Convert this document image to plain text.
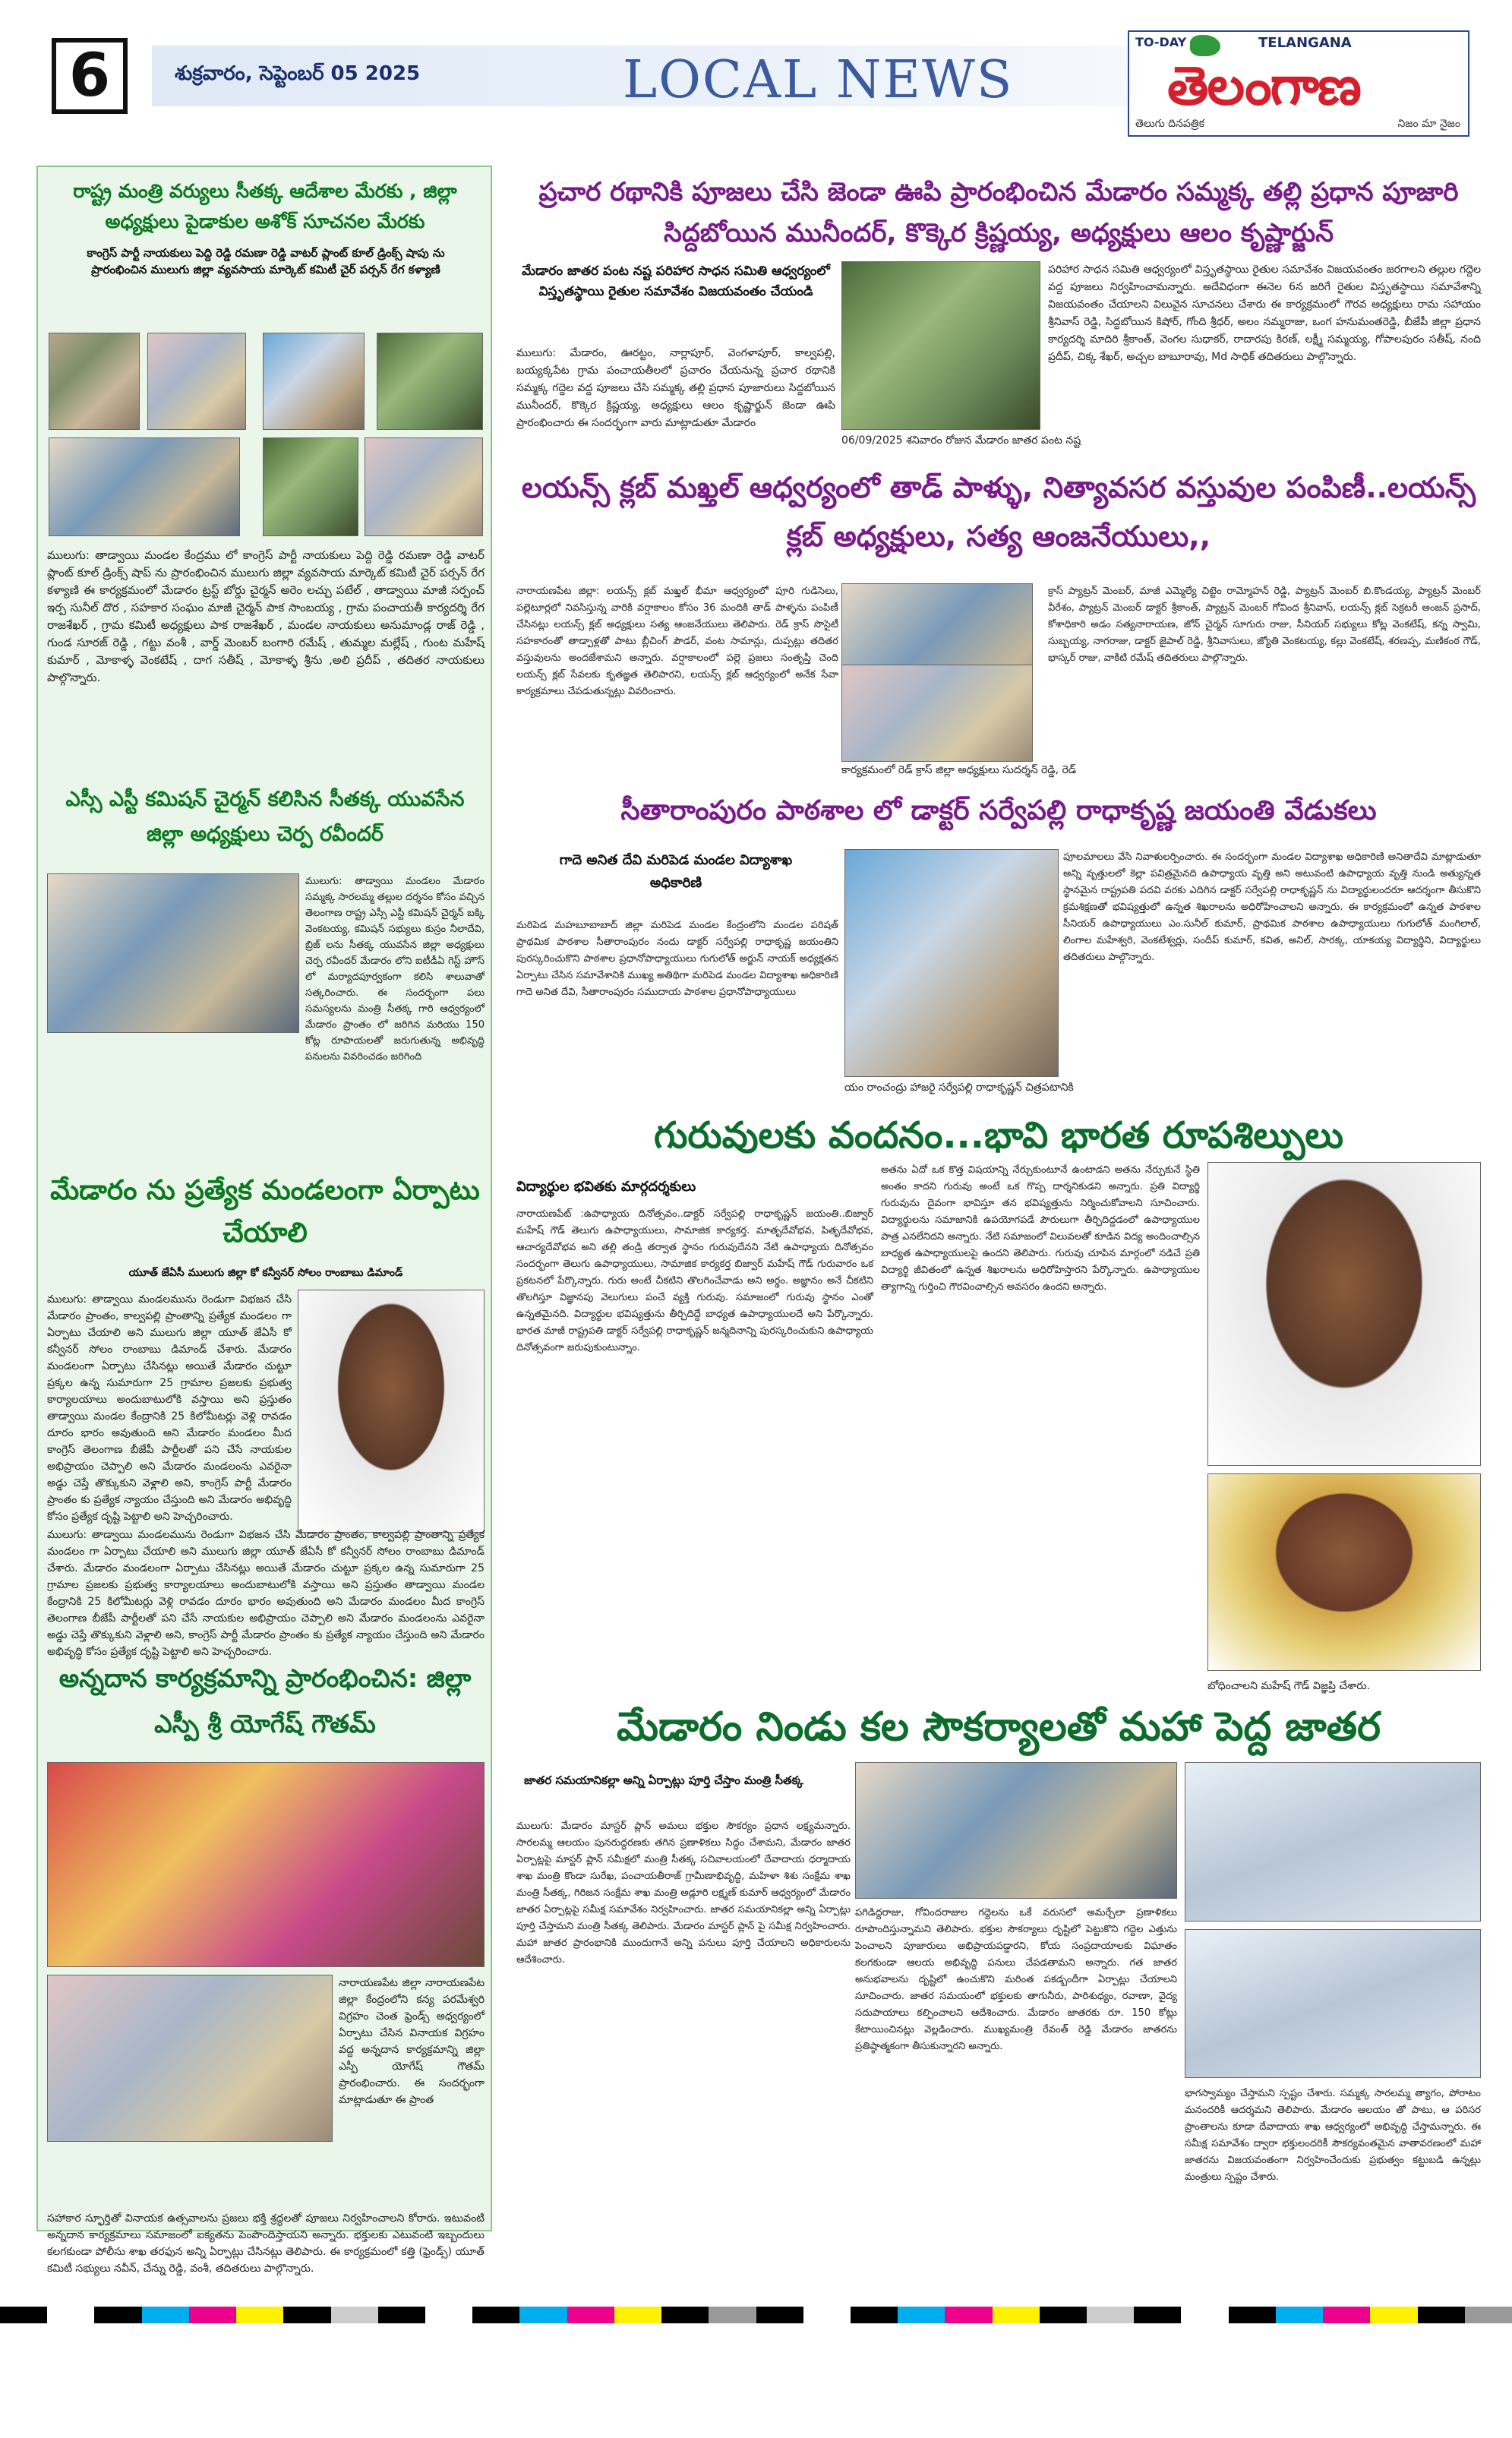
6	శుక్రవారం, సెప్టెంబర్ 05 2025	LOCAL NEWS
TO-DAY	TELANGANA
తెలంగాణ
తెలుగు దినపత్రిక	నిజం మా నైజం
రాష్ట్ర మంత్రి వర్యులు సీతక్క ఆదేశాల మేరకు , జిల్లా అధ్యక్షులు పైడాకుల అశోక్ సూచనల మేరకు
కాంగ్రెస్ పార్టీ నాయకులు పెద్ది రెడ్డి రమణా రెడ్డి వాటర్ ప్లాంట్ కూల్ డ్రింక్స్ షాపు ను ప్రారంభించిన ములుగు జిల్లా వ్యవసాయ మార్కెట్ కమిటీ చైర్ పర్సన్ రేగ కళ్యాణి
ములుగు: తాడ్వాయి మండల కేంద్రము లో కాంగ్రెస్ పార్టీ నాయకులు పెద్ది రెడ్డి రమణా రెడ్డి వాటర్ ప్లాంట్ కూల్ డ్రింక్స్ షాప్ ను ప్రారంభించిన ములుగు జిల్లా వ్యవసాయ మార్కెట్ కమిటీ చైర్ పర్సన్ రేగ కళ్యాణి ఈ కార్యక్రమంలో మేడారం ట్రస్ట్ బోర్డు చైర్మన్ అరెం లచ్చు పటేల్ , తాడ్వాయి మాజీ సర్పంచ్ ఇర్ప సునీల్ దొర , సహకార సంఘం మాజీ చైర్మన్ పాక సాంబయ్య , గ్రామ పంచాయతీ కార్యదర్శి రేగ రాజశేఖర్ , గ్రామ కమిటీ అధ్యక్షులు పాక రాజశేఖర్ , మండల నాయకులు అనుమాండ్ల రాజ్ రెడ్డి , గుండ సూరజ్ రెడ్డి , గట్టు వంశీ , వార్డ్ మెంబర్ బంగారి రమేష్ , తుమ్మల మల్లేష్ , గుంట మహేష్ కుమార్ , మోకాళ్ళ వెంకటేష్ , దాగ సతీష్ , మోకాళ్ళ శ్రీను ,అలి ప్రదీప్ , తదితర నాయకులు పాల్గొన్నారు.
ఎస్సీ ఎస్టీ కమిషన్ చైర్మన్ కలిసిన సీతక్క యువసేన జిల్లా అధ్యక్షులు చెర్ప రవీందర్
ములుగు: తాడ్వాయి మండలం మేడారం సమ్మక్క సారలమ్మ తల్లుల దర్శనం కోసం వచ్చిన తెలంగాణ రాష్ట్ర ఎస్సీ ఎస్టీ కమిషన్ చైర్మన్ బక్కి వెంకటయ్య, కమిషన్ సభ్యులు కుస్రం నీలాదేవి, బ్రిజ్ లను సీతక్క యువసేన జిల్లా అధ్యక్షులు చెర్ప రవీందర్ మేడారం లోని ఐటీడీఏ గెస్ట్ హౌస్ లో మర్యాదపూర్వకంగా కలిసి శాలువాతో సత్కరించారు. ఈ సందర్భంగా పలు సమస్యలను మంత్రి సీతక్క గారి ఆధ్వర్యంలో మేడారం ప్రాంతం లో జరిగిన మరియు 150 కోట్ల రూపాయలతో జరుగుతున్న అభివృద్ధి పనులను వివరించడం జరిగింది
మేడారం ను ప్రత్యేక మండలంగా ఏర్పాటు చేయాలి
యూత్ జేఏసీ ములుగు జిల్లా కో కన్వీనర్ సోలం రాంబాబు డిమాండ్
ములుగు: తాడ్వాయి మండలమును రెండుగా విభజన చేసి మేడారం ప్రాంతం, కాల్వపల్లి ప్రాంతాన్ని ప్రత్యేక మండలం గా ఏర్పాటు చేయాలి అని ములుగు జిల్లా యూత్ జేఏసీ కో కన్వీనర్ సోలం రాంబాబు డిమాండ్ చేశారు. మేడారం మండలంగా ఏర్పాటు చేసినట్లు అయితే మేడారం చుట్టూ ప్రక్కల ఉన్న సుమారుగా 25 గ్రామాల ప్రజలకు ప్రభుత్వ కార్యాలయాలు అందుబాటులోకి వస్తాయి అని ప్రస్తుతం తాడ్వాయి మండల కేంద్రానికి 25 కిలోమీటర్లు వెళ్లి రావడం దూరం భారం అవుతుంది అని మేడారం మండలం మీద కాంగ్రెస్ తెలంగాణ బీజేపీ పార్టీలతో పని చేసే నాయకుల అభిప్రాయం చెప్పాలి అని మేడారం మండలంను ఎవరైనా అడ్డు చెప్తే తొక్కుకుని వెళ్లాలి అని, కాంగ్రెస్ పార్టీ మేడారం ప్రాంతం కు ప్రత్యేక న్యాయం చేస్తుంది అని మేడారం అభివృద్ధి కోసం ప్రత్యేక దృష్టి పెట్టాలి అని హెచ్చరించారు.
ములుగు: తాడ్వాయి మండలమును రెండుగా విభజన చేసి మేడారం ప్రాంతం, కాల్వపల్లి ప్రాంతాన్ని ప్రత్యేక మండలం గా ఏర్పాటు చేయాలి అని ములుగు జిల్లా యూత్ జేఏసీ కో కన్వీనర్ సోలం రాంబాబు డిమాండ్ చేశారు. మేడారం మండలంగా ఏర్పాటు చేసినట్లు అయితే మేడారం చుట్టూ ప్రక్కల ఉన్న సుమారుగా 25 గ్రామాల ప్రజలకు ప్రభుత్వ కార్యాలయాలు అందుబాటులోకి వస్తాయి అని ప్రస్తుతం తాడ్వాయి మండల కేంద్రానికి 25 కిలోమీటర్లు వెళ్లి రావడం దూరం భారం అవుతుంది అని మేడారం మండలం మీద కాంగ్రెస్ తెలంగాణ బీజేపీ పార్టీలతో పని చేసే నాయకుల అభిప్రాయం చెప్పాలి అని మేడారం మండలంను ఎవరైనా అడ్డు చెప్తే తొక్కుకుని వెళ్లాలి అని, కాంగ్రెస్ పార్టీ మేడారం ప్రాంతం కు ప్రత్యేక న్యాయం చేస్తుంది అని మేడారం అభివృద్ధి కోసం ప్రత్యేక దృష్టి పెట్టాలి అని హెచ్చరించారు.
అన్నదాన కార్యక్రమాన్ని ప్రారంభించిన: జిల్లా ఎస్పీ శ్రీ యోగేష్ గౌతమ్
నారాయణపేట జిల్లా నారాయణపేట జిల్లా కేంద్రంలోని కన్య పరమేశ్వరి విగ్రహం చెంత ఫ్రెండ్స్ అధ్వర్యంలో ఏర్పాటు చేసిన వినాయక విగ్రహం వద్ద అన్నదాన కార్యక్రమాన్ని జిల్లా ఎస్పీ యోగేష్ గౌతమ్ ప్రారంభించారు. ఈ సందర్భంగా మాట్లాడుతూ ఈ ప్రాంత
సహాకార స్ఫూర్తితో వినాయక ఉత్సవాలను ప్రజలు భక్తి శ్రద్ధలతో పూజలు నిర్వహించాలని కోరారు. ఇటువంటి అన్నదాన కార్యక్రమాలు సమాజంలో ఐక్యతను పెంపొందిస్తాయని అన్నారు. భక్తులకు ఎటువంటి ఇబ్బందులు కలగకుండా పోలీసు శాఖ తరఫున అన్ని ఏర్పాట్లు చేసినట్లు తెలిపారు. ఈ కార్యక్రమంలో కత్తి (ఫ్రెండ్స్) యూత్ కమిటీ సభ్యులు నవీన్, చేన్ను రెడ్డి, వంశీ, తదితరులు పాల్గొన్నారు.
ప్రచార రథానికి పూజలు చేసి జెండా ఊపి ప్రారంభించిన మేడారం సమ్మక్క తల్లి ప్రధాన పూజారి సిద్దబోయిన మునీందర్, కొక్కెర క్రిష్ణయ్య, అధ్యక్షులు ఆలం కృష్ణార్జున్
మేడారం జాతర పంట నష్ట పరిహార సాధన సమితి ఆధ్వర్యంలో విస్తృతస్థాయి రైతుల సమావేశం విజయవంతం చేయండి
ములుగు: మేడారం, ఊరట్టం, నార్లాపూర్, వెంగళాపూర్, కాల్వపల్లి, బయ్యక్కపేట గ్రామ పంచాయతీలలో ప్రచారం చేయనున్న ప్రచార రథానికి సమ్మక్క గద్దెల వద్ద పూజలు చేసి సమ్మక్క తల్లి ప్రధాన పూజారులు సిద్దబోయిన మునీందర్, కొక్కెర క్రిష్ణయ్య, అధ్యక్షులు ఆలం కృష్ణార్జున్ జెండా ఊపి ప్రారంభించారు ఈ సందర్భంగా వారు మాట్లాడుతూ మేడారం
06/09/2025 శనివారం రోజున మేడారం జాతర పంట నష్ట
పరిహార సాధన సమితి ఆధ్వర్యంలో విస్తృతస్థాయి రైతుల సమావేశం విజయవంతం జరగాలని తల్లుల గద్దెల వద్ద పూజలు నిర్వహించామన్నారు. అదేవిధంగా ఈనెల 6న జరిగే రైతుల విస్తృతస్థాయి సమావేశాన్ని విజయవంతం చేయాలని విలువైన సూచనలు చేశారు ఈ కార్యక్రమంలో గౌరవ అధ్యక్షులు రామ సహాయం శ్రీనివాస్ రెడ్డి, సిద్దబోయిన కిషోర్, గోంది శ్రీధర్, అలం నమ్మరాజు, ఒంగ హనుమంతరెడ్డి, బీజేపీ జిల్లా ప్రధాన కార్యదర్శి మాదిరి శ్రీకాంత్, వెంగల సుధాకర్, రాదారపు కిరణ్, లక్ష్మీ సమ్మయ్య, గోపాలపురం సతీష్, నంది ప్రదీప్, చిక్క శేఖర్, అచ్చల బాబూరావు, Md సాధిక్ తదితరులు పాల్గొన్నారు.
లయన్స్ క్లబ్ మఖ్తల్ ఆధ్వర్యంలో తాడ్ పాళ్ళు, నిత్యావసర వస్తువుల పంపిణీ..లయన్స్ క్లబ్ అధ్యక్షులు, సత్య ఆంజనేయులు,,
నారాయణపేట జిల్లా: లయన్స్ క్లబ్ మఖ్తల్ భీమా ఆధ్వర్యంలో పూరి గుడిసెలు, పల్లెటూర్లలో నివసిస్తున్న వారికి వర్షాకాలం కోసం 36 మందికి తాడ్ పాళ్ళను పంపిణీ చేసినట్లు లయన్స్ క్లబ్ అధ్యక్షులు సత్య ఆంజనేయులు తెలిపారు. రెడ్ క్రాస్ సొసైటీ సహకారంతో తాడ్పాళ్లతో పాటు బ్లీచింగ్ పౌడర్, వంట సామాన్లు, దుప్పట్లు తదితర వస్తువులను అందజేశామని అన్నారు. వర్షాకాలంలో పల్లె ప్రజలు సంతృప్తి చెంది లయన్స్ క్లబ్ సేవలకు కృతజ్ఞత తెలిపారని, లయన్స్ క్లబ్ ఆధ్వర్యంలో అనేక సేవా కార్యక్రమాలు చేపడుతున్నట్లు వివరించారు.
కార్యక్రమంలో రెడ్ క్రాస్ జిల్లా అధ్యక్షులు సుదర్శన్ రెడ్డి, రెడ్
క్రాస్ ప్యాట్రన్ మెంబర్, మాజీ ఎమ్మెల్యే చిట్టెం రామ్మోహన్ రెడ్డి, ప్యాట్రన్ మెంబర్ బి.కొండయ్య, ప్యాట్రన్ మెంబర్ వీరేశం, ప్యాట్రన్ మెంబర్ డాక్టర్ శ్రీకాంత్, ప్యాట్రన్ మెంబర్ గోవింద శ్రీనివాస్, లయన్స్ క్లబ్ సెక్రటరీ అంజన్ ప్రసాద్, కోశాధికారి అడం సత్యనారాయణ, జోన్ చైర్మన్ సూగురు రాజు, సీనియర్ సభ్యులు కోట్ల వెంకటేష్, కన్న స్వామి, సుబ్బయ్య, నాగరాజు, డాక్టర్ జైపాల్ రెడ్డి, శ్రీనివాసులు, జ్యోతి వెంకటయ్య, కల్లు వెంకటేష్, శరణప్ప, మణికంఠ గౌడ్, భాస్కర్ రాజు, వాకిటి రమేష్ తదితరులు పాల్గొన్నారు.
సీతారాంపురం పాఠశాల లో డాక్టర్ సర్వేపల్లి రాధాకృష్ణ జయంతి వేడుకలు
గాదె అనిత దేవి మరిపెడ మండల విద్యాశాఖ అధికారిణి
మరిపెడ మహబూబాబాద్ జిల్లా మరిపెడ మండల కేంద్రంలోని మండల పరిషత్ ప్రాథమిక పాఠశాల సీతారాంపురం నందు డాక్టర్ సర్వేపల్లి రాధాకృష్ణ జయంతిని పురస్కరించుకొని పాఠశాల ప్రధానోపాధ్యాయులు గుగులోత్ అర్జున్ నాయక్ అధ్యక్షతన ఏర్పాటు చేసిన సమావేశానికి ముఖ్య అతిథిగా మరిపెడ మండల విద్యాశాఖ అధికారిణి గాదె అనిత దేవి, సీతారాంపురం సముదాయ పాఠశాల ప్రధానోపాధ్యాయులు
యం రాంచంద్రు హాజరై సర్వేపల్లి రాధాకృష్ణన్ చిత్రపటానికి
పూలమాలలు వేసి నివాళులర్పించారు. ఈ సందర్భంగా మండల విద్యాశాఖ అధికారిణి అనితాదేవి మాట్లాడుతూ అన్ని వృత్తులలో కెల్లా పవిత్రమైనది ఉపాధ్యాయ వృత్తి అని అటువంటి ఉపాధ్యాయ వృత్తి నుండి అత్యున్నత స్థానమైన రాష్ట్రపతి పదవి వరకు ఎదిగిన డాక్టర్ సర్వేపల్లి రాధాకృష్ణన్ ను విద్యార్థులందరూ ఆదర్శంగా తీసుకొని క్రమశిక్షణతో భవిష్యత్తులో ఉన్నత శిఖరాలను అధిరోహించాలని అన్నారు. ఈ కార్యక్రమంలో ఉన్నత పాఠశాల సీనియర్ ఉపాధ్యాయులు ఎం.సునీల్ కుమార్, ప్రాథమిక పాఠశాల ఉపాధ్యాయులు గుగులోత్ మంగిలాల్, లింగాల మహేశ్వరి, వెంకటేశ్వర్లు, సందీప్ కుమార్, కవిత, అనిల్, సారక్క, యాకయ్య విద్యార్థిని, విద్యార్థులు తదితరులు పాల్గొన్నారు.
గురువులకు వందనం...భావి భారత రూపశిల్పులు
విద్యార్థుల భవితకు మార్గదర్శకులు
నారాయణపేట్ :ఉపాధ్యాయ దినోత్సవం..డాక్టర్ సర్వేపల్లి రాధాకృష్ణన్ జయంతి..బిజ్వార్ మహేష్ గౌడ్ తెలుగు ఉపాధ్యాయులు, సామాజిక కార్యకర్త. మాతృదేవోభవ, పితృదేవోభవ, ఆచార్యదేవోభవ అని తల్లి తండ్రి తర్వాత స్థానం గురువుదేనని నేటి ఉపాధ్యాయ దినోత్సవం సందర్భంగా తెలుగు ఉపాధ్యాయులు, సామాజిక కార్యకర్త బిజ్వార్ మహేష్ గౌడ్ గురువారం ఒక ప్రకటనలో పేర్కొన్నారు. గురు అంటే చీకటిని తొలగించేవాడు అని అర్థం. అజ్ఞానం అనే చీకటిని తొలగిస్తూ విజ్ఞానపు వెలుగులు పంచే వ్యక్తి గురువు. సమాజంలో గురువు స్థానం ఎంతో ఉన్నతమైనది. విద్యార్థుల భవిష్యత్తును తీర్చిదిద్దే బాధ్యత ఉపాధ్యాయులదే అని పేర్కొన్నారు. భారత మాజీ రాష్ట్రపతి డాక్టర్ సర్వేపల్లి రాధాకృష్ణన్ జన్మదినాన్ని పురస్కరించుకుని ఉపాధ్యాయ దినోత్సవంగా జరుపుకుంటున్నాం.
అతను ఏదో ఒక కొత్త విషయాన్ని నేర్చుకుంటూనే ఉంటాడని అతను నేర్పుకునే స్థితి అంతం కాదని గురువు అంటే ఒక గొప్ప దార్శనికుడని అన్నారు. ప్రతి విద్యార్థి గురువును దైవంగా భావిస్తూ తన భవిష్యత్తును నిర్మించుకోవాలని సూచించారు. విద్యార్థులను సమాజానికి ఉపయోగపడే పౌరులుగా తీర్చిదిద్దడంలో ఉపాధ్యాయుల పాత్ర ఎనలేనిదని అన్నారు. నేటి సమాజంలో విలువలతో కూడిన విద్య అందించాల్సిన బాధ్యత ఉపాధ్యాయులపై ఉందని తెలిపారు. గురువు చూపిన మార్గంలో నడిచే ప్రతి విద్యార్థి జీవితంలో ఉన్నత శిఖరాలను అధిరోహిస్తారని పేర్కొన్నారు. ఉపాధ్యాయుల త్యాగాన్ని గుర్తించి గౌరవించాల్సిన అవసరం ఉందని అన్నారు.
బోధించాలని మహేష్ గౌడ్ విజ్ఞప్తి చేశారు.
మేడారం నిండు కల సౌకర్యాలతో మహా పెద్ద జాతర
జాతర సమయానికల్లా అన్ని ఏర్పాట్లు పూర్తి చేస్తాం మంత్రి సీతక్క
ములుగు: మేడారం మాస్టర్ ప్లాన్ అమలు భక్తుల సౌకర్యం ప్రధాన లక్ష్యమన్నారు. సారలమ్మ ఆలయం పునరుద్ధరణకు తగిన ప్రణాళికలు సిద్ధం చేశామని, మేడారం జాతర ఏర్పాట్లపై మాస్టర్ ప్లాన్ సమీక్షలో మంత్రి సీతక్క సచివాలయంలో దేవాదాయ ధర్మాదాయ శాఖ మంత్రి కొండా సురేఖ, పంచాయతీరాజ్ గ్రామీణాభివృద్ధి, మహిళా శిశు సంక్షేమ శాఖ మంత్రి సీతక్క, గిరిజన సంక్షేమ శాఖ మంత్రి అడ్లూరి లక్ష్మణ్ కుమార్ ఆధ్వర్యంలో మేడారం జాతర ఏర్పాట్లపై సమీక్ష సమావేశం నిర్వహించారు. జాతర సమయానికల్లా అన్ని ఏర్పాట్లు పూర్తి చేస్తామని మంత్రి సీతక్క తెలిపారు. మేడారం మాస్టర్ ప్లాన్ పై సమీక్ష నిర్వహించారు. మహా జాతర ప్రారంభానికి ముందుగానే అన్ని పనులు పూర్తి చేయాలని అధికారులను ఆదేశించారు.
పగిడిద్దరాజు, గోవిందరాజుల గద్దెలను ఒకే వరుసలో అమర్చేలా ప్రణాళికలు రూపొందిస్తున్నామని తెలిపారు. భక్తుల సౌకర్యాలు దృష్టిలో పెట్టుకొని గద్దెల ఎత్తును పెంచాలని పూజారులు అభిప్రాయపడ్డారని, కోయ సంప్రదాయాలకు విఘాతం కలగకుండా ఆలయ అభివృద్ధి పనులు చేపడతామని అన్నారు. గత జాతర అనుభవాలను దృష్టిలో ఉంచుకొని మరింత పకడ్బందీగా ఏర్పాట్లు చేయాలని సూచించారు. జాతర సమయంలో భక్తులకు తాగునీరు, పారిశుధ్యం, రవాణా, వైద్య సదుపాయాలు కల్పించాలని ఆదేశించారు. మేడారం జాతరకు రూ. 150 కోట్లు కేటాయించినట్లు వెల్లడించారు. ముఖ్యమంత్రి రేవంత్ రెడ్డి మేడారం జాతరను ప్రతిష్ఠాత్మకంగా తీసుకున్నారని అన్నారు.
భాగస్వామ్యం చేస్తామని స్పష్టం చేశారు. సమ్మక్క సారలమ్మ త్యాగం, పోరాటం మనందరికీ ఆదర్శమని తెలిపారు. మేడారం ఆలయం తో పాటు, ఆ పరిసర ప్రాంతాలను కూడా దేవాదాయ శాఖ ఆధ్వర్యంలో అభివృద్ధి చేస్తామన్నారు. ఈ సమీక్ష సమావేశం ద్వారా భక్తులందరికీ సౌకర్యవంతమైన వాతావరణంలో మహా జాతరను విజయవంతంగా నిర్వహించేందుకు ప్రభుత్వం కట్టుబడి ఉన్నట్లు మంత్రులు స్పష్టం చేశారు.
